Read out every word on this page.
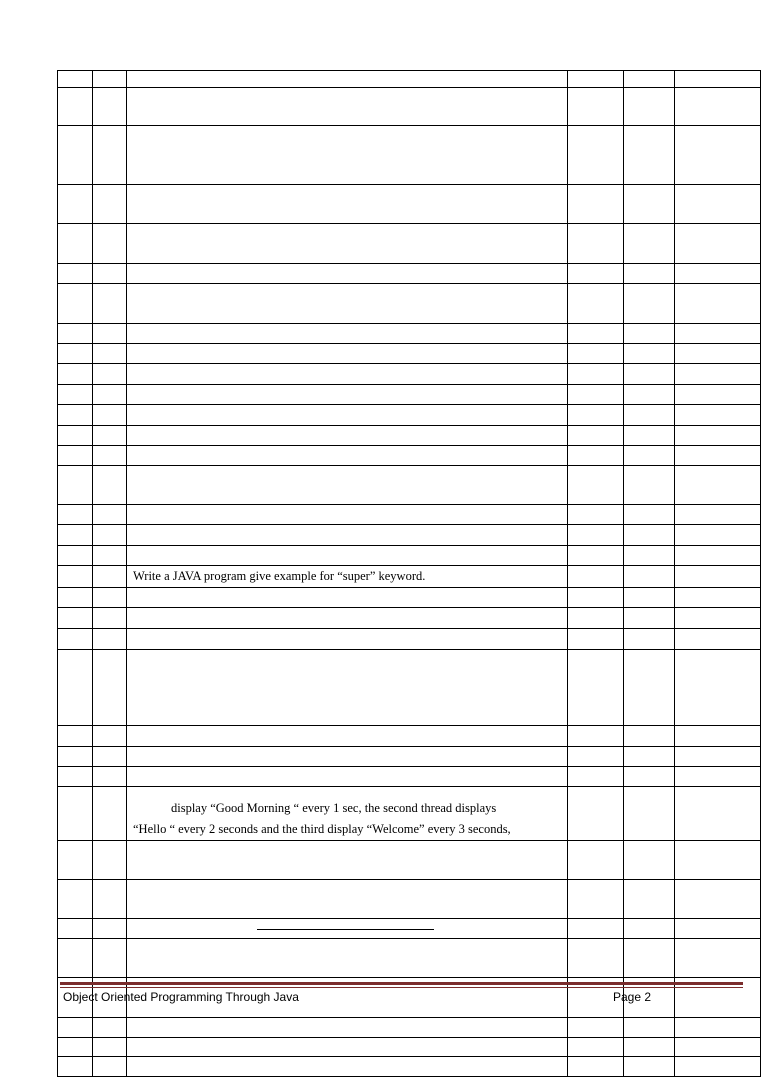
		Write a JAVA program give example for “super” keyword.			

		display “Good Morning “ every 1 sec, the second thread displays
“Hello “ every 2 seconds and the third display “Welcome” every 3 seconds,			

Object Oriented Programming Through Java	Page 2
